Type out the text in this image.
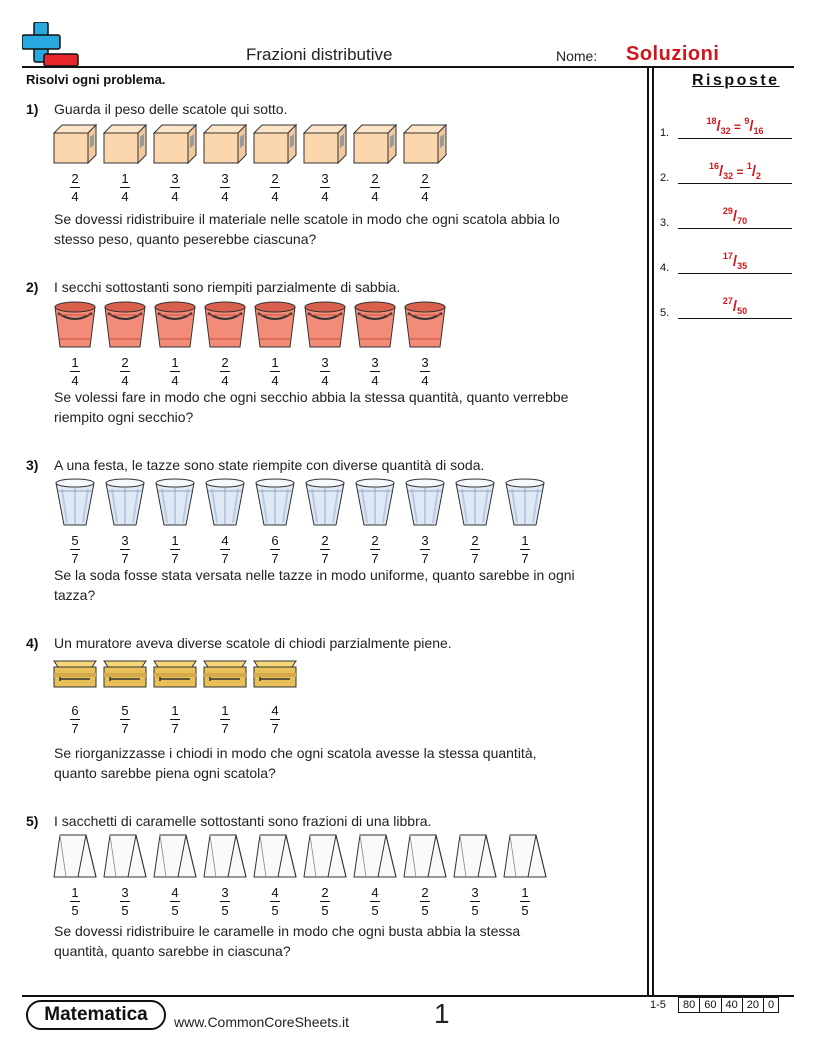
Frazioni distributive	Nome: Soluzioni
Risolvi ogni problema.	Risposte
1.
$^{18}/_{32} = ^9/_{16}$
2.
$^{16}/_{32} = ^1/_2$
3.
$^{29}/_{70}$
4.
$^{17}/_{35}$
5.
$^{27}/_{50}$
1) Guarda il peso delle scatole qui sotto.
$\frac{2}{4}$	$\frac{1}{4}$	$\frac{3}{4}$	$\frac{3}{4}$	$\frac{2}{4}$	$\frac{3}{4}$	$\frac{2}{4}$	$\frac{2}{4}$
Se dovessi ridistribuire il materiale nelle scatole in modo che ogni scatola abbia lo
stesso peso, quanto peserebbe ciascuna?
2) I secchi sottostanti sono riempiti parzialmente di sabbia.
$\frac{1}{4}$	$\frac{2}{4}$	$\frac{1}{4}$	$\frac{2}{4}$	$\frac{1}{4}$	$\frac{3}{4}$	$\frac{3}{4}$	$\frac{3}{4}$
Se volessi fare in modo che ogni secchio abbia la stessa quantità, quanto verrebbe
riempito ogni secchio?
3) A una festa, le tazze sono state riempite con diverse quantità di soda.
$\frac{5}{7}$	$\frac{3}{7}$	$\frac{1}{7}$	$\frac{4}{7}$	$\frac{6}{7}$	$\frac{2}{7}$	$\frac{2}{7}$	$\frac{3}{7}$	$\frac{2}{7}$	$\frac{1}{7}$
Se la soda fosse stata versata nelle tazze in modo uniforme, quanto sarebbe in ogni
tazza?
4) Un muratore aveva diverse scatole di chiodi parzialmente piene.
$\frac{6}{7}$	$\frac{5}{7}$	$\frac{1}{7}$	$\frac{1}{7}$	$\frac{4}{7}$
Se riorganizzasse i chiodi in modo che ogni scatola avesse la stessa quantità,
quanto sarebbe piena ogni scatola?
5) I sacchetti di caramelle sottostanti sono frazioni di una libbra.
$\frac{1}{5}$	$\frac{3}{5}$	$\frac{4}{5}$	$\frac{3}{5}$	$\frac{4}{5}$	$\frac{2}{5}$	$\frac{4}{5}$	$\frac{2}{5}$	$\frac{3}{5}$	$\frac{1}{5}$
Se dovessi ridistribuire le caramelle in modo che ogni busta abbia la stessa
quantità, quanto sarebbe in ciascuna?
Matematica	www.CommonCoreSheets.it	1	1-5	80 60 40 20 0
